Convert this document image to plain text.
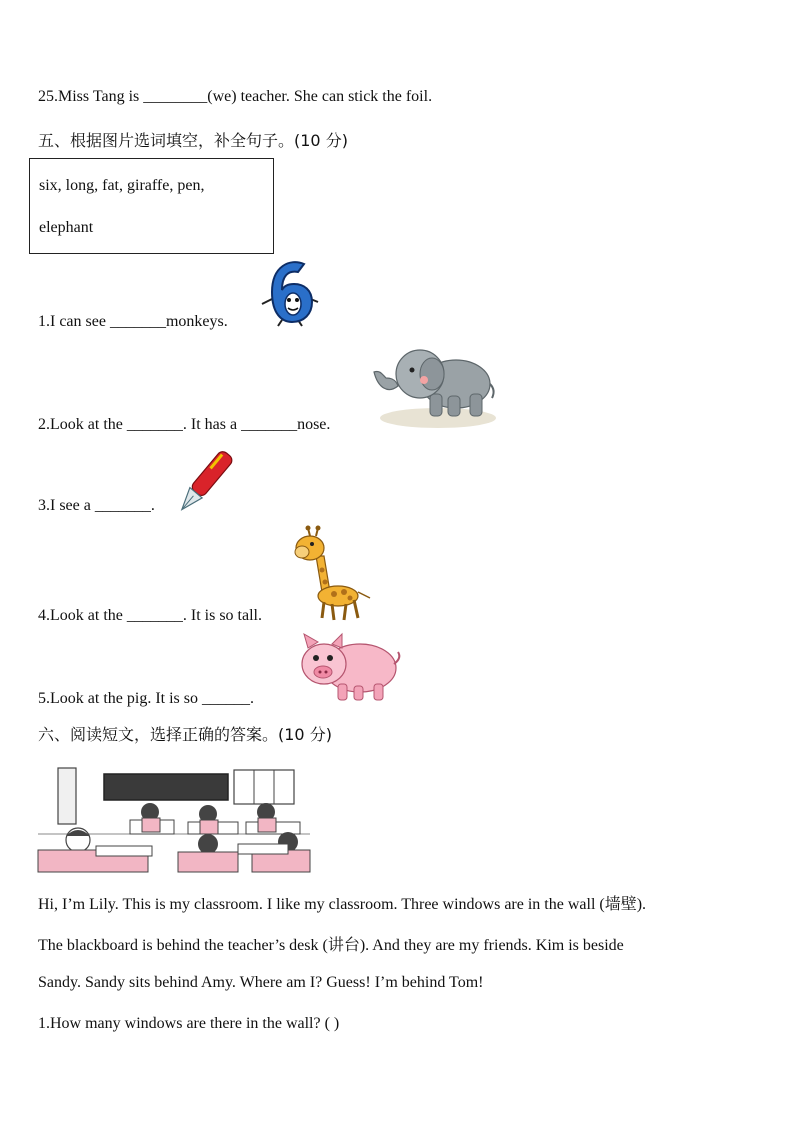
25.Miss Tang is ________(we) teacher. She can stick the foil.
五、根据图片选词填空，补全句子。(10 分)
six, long, fat, giraffe, pen,
elephant
1.I can see _______monkeys.
2.Look at the _______. It has a _______nose.
3.I see a _______.
4.Look at the _______. It is so tall.
5.Look at the pig. It is so ______.
六、阅读短文，选择正确的答案。(10 分)
Hi, I’m Lily. This is my classroom. I like my classroom. Three windows are in the wall (墙壁).
The blackboard is behind the teacher’s desk (讲台). And they are my friends. Kim is beside
Sandy. Sandy sits behind Amy. Where am I? Guess! I’m behind Tom!
1.How many windows are there in the wall? ( )
